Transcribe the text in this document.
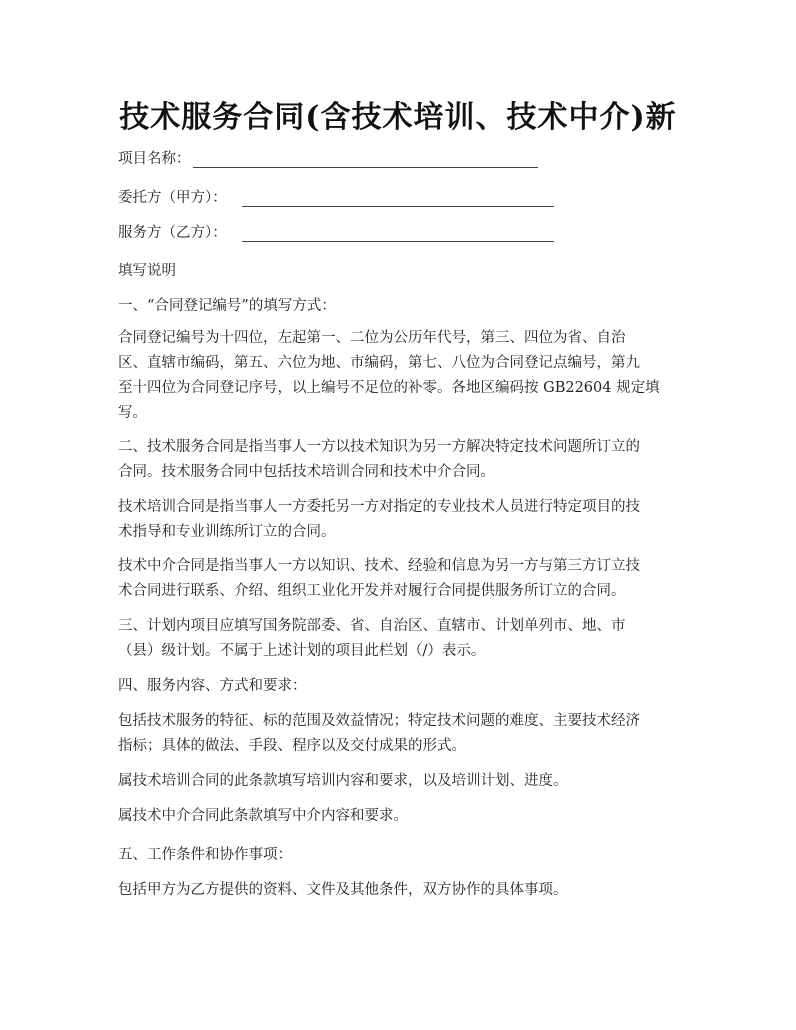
技术服务合同(含技术培训、技术中介)新
项目名称：
委托方（甲方）：
服务方（乙方）：
填写说明
一、“合同登记编号”的填写方式：
合同登记编号为十四位，左起第一、二位为公历年代号，第三、四位为省、自治
区、直辖市编码，第五、六位为地、市编码，第七、八位为合同登记点编号，第九
至十四位为合同登记序号，以上编号不足位的补零。各地区编码按 GB22604 规定填
写。
二、技术服务合同是指当事人一方以技术知识为另一方解决特定技术问题所订立的
合同。技术服务合同中包括技术培训合同和技术中介合同。
技术培训合同是指当事人一方委托另一方对指定的专业技术人员进行特定项目的技
术指导和专业训练所订立的合同。
技术中介合同是指当事人一方以知识、技术、经验和信息为另一方与第三方订立技
术合同进行联系、介绍、组织工业化开发并对履行合同提供服务所订立的合同。
三、计划内项目应填写国务院部委、省、自治区、直辖市、计划单列市、地、市
（县）级计划。不属于上述计划的项目此栏划（/）表示。
四、服务内容、方式和要求：
包括技术服务的特征、标的范围及效益情况；特定技术问题的难度、主要技术经济
指标；具体的做法、手段、程序以及交付成果的形式。
属技术培训合同的此条款填写培训内容和要求，以及培训计划、进度。
属技术中介合同此条款填写中介内容和要求。
五、工作条件和协作事项：
包括甲方为乙方提供的资料、文件及其他条件，双方协作的具体事项。
